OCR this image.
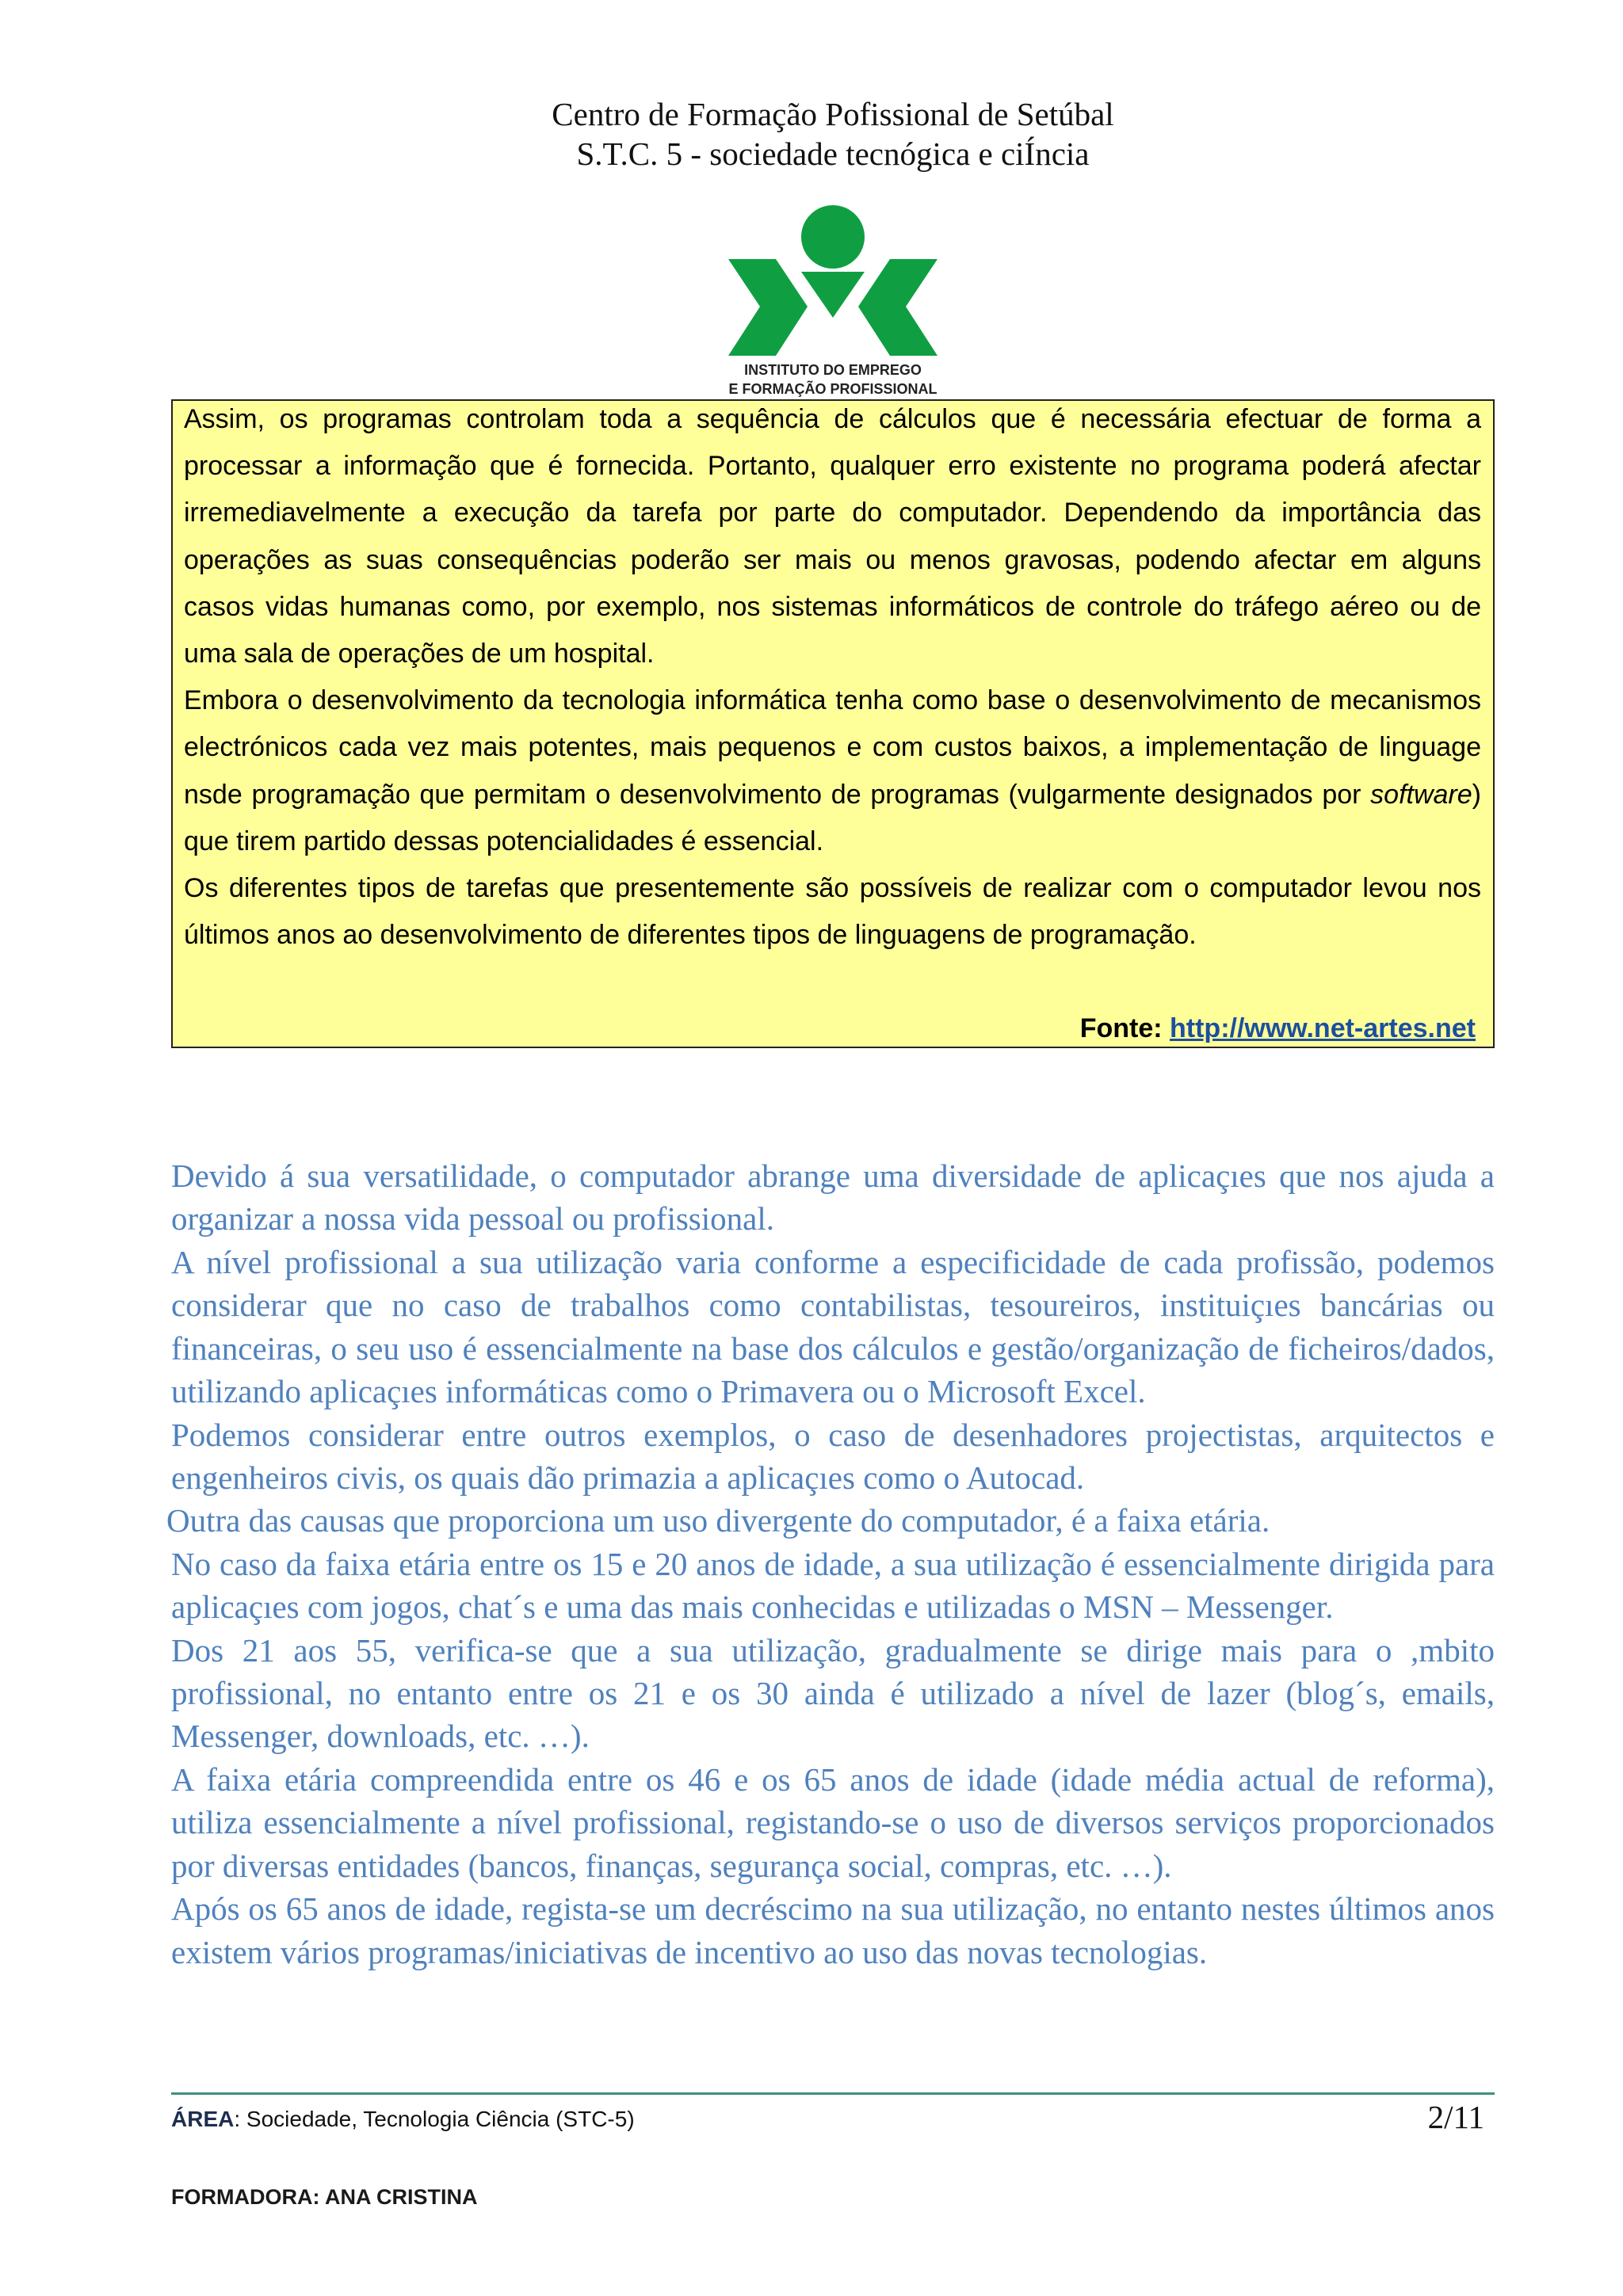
Centro de Formação Pofissional de Setúbal
S.T.C. 5 - sociedade tecnógica e ciÍncia
INSTITUTO DO EMPREGO
E FORMAÇÃO PROFISSIONAL
Assim, os programas controlam toda a sequência de cálculos que é necessária efectuar de forma a
processar a informação que é fornecida. Portanto, qualquer erro existente no programa poderá afectar
irremediavelmente a execução da tarefa por parte do computador. Dependendo da importância das
operações as suas consequências poderão ser mais ou menos gravosas, podendo afectar em alguns
casos vidas humanas como, por exemplo, nos sistemas informáticos de controle do tráfego aéreo ou de
uma sala de operações de um hospital.
Embora o desenvolvimento da tecnologia informática tenha como base o desenvolvimento de mecanismos
electrónicos cada vez mais potentes, mais pequenos e com custos baixos, a implementação de linguage
nsde programação que permitam o desenvolvimento de programas (vulgarmente designados por software)
que tirem partido dessas potencialidades é essencial.
Os diferentes tipos de tarefas que presentemente são possíveis de realizar com o computador levou nos
últimos anos ao desenvolvimento de diferentes tipos de linguagens de programação.
Fonte: http://www.net-artes.net
Devido á sua versatilidade, o computador abrange uma diversidade de aplicaçıes que nos ajuda a
organizar a nossa vida pessoal ou profissional.
A nível profissional a sua utilização varia conforme a especificidade de cada profissão, podemos
considerar que no caso de trabalhos como contabilistas, tesoureiros, instituiçıes bancárias ou
financeiras, o seu uso é essencialmente na base dos cálculos e gestão/organização de ficheiros/dados,
utilizando aplicaçıes informáticas como o Primavera ou o Microsoft Excel.
Podemos considerar entre outros exemplos, o caso de desenhadores projectistas, arquitectos e
engenheiros civis, os quais dão primazia a aplicaçıes como o Autocad.
Outra das causas que proporciona um uso divergente do computador, é a faixa etária.
No caso da faixa etária entre os 15 e 20 anos de idade, a sua utilização é essencialmente dirigida para
aplicaçıes com jogos, chat´s e uma das mais conhecidas e utilizadas o MSN – Messenger.
Dos 21 aos 55, verifica-se que a sua utilização, gradualmente se dirige mais para o ,mbito
profissional, no entanto entre os 21 e os 30 ainda é utilizado a nível de lazer (blog´s, emails,
Messenger, downloads, etc. …).
A faixa etária compreendida entre os 46 e os 65 anos de idade (idade média actual de reforma),
utiliza essencialmente a nível profissional, registando-se o uso de diversos serviços proporcionados
por diversas entidades (bancos, finanças, segurança social, compras, etc. …).
Após os 65 anos de idade, regista-se um decréscimo na sua utilização, no entanto nestes últimos anos
existem vários programas/iniciativas de incentivo ao uso das novas tecnologias.
ÁREA: Sociedade, Tecnologia Ciência (STC-5)	2/11
FORMADORA: ANA CRISTINA
